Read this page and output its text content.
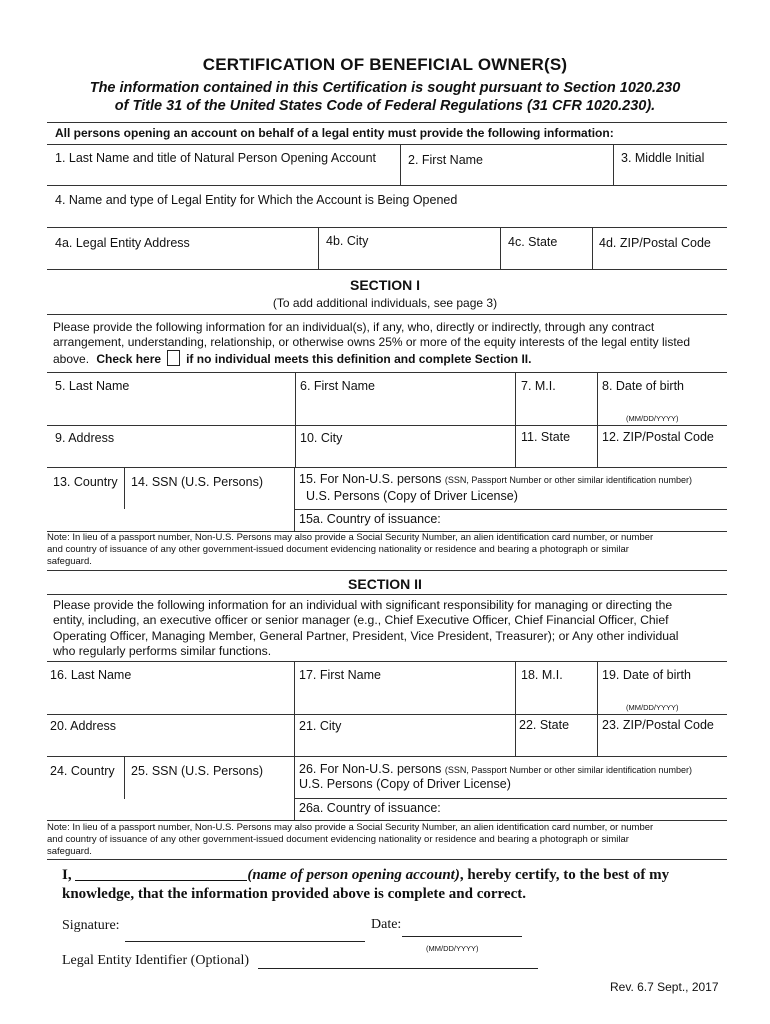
CERTIFICATION OF BENEFICIAL OWNER(S)
The information contained in this Certification is sought pursuant to Section 1020.230
of Title 31 of the United States Code of Federal Regulations (31 CFR 1020.230).
All persons opening an account on behalf of a legal entity must provide the following information:
1. Last Name and title of Natural Person Opening Account	2. First Name	3. Middle Initial
4. Name and type of Legal Entity for Which the Account is Being Opened
4a. Legal Entity Address	4b. City	4c. State	4d. ZIP/Postal Code
SECTION I
(To add additional individuals, see page 3)
Please provide the following information for an individual(s), if any, who, directly or indirectly, through any contract
arrangement, understanding, relationship, or otherwise owns 25% or more of the equity interests of the legal entity listed
above. Check here if no individual meets this definition and complete Section II.
5. Last Name	6. First Name	7. M.I.	8. Date of birth
(MM/DD/YYYY)
9. Address	10. City	11. State	12. ZIP/Postal Code
13. Country 14. SSN (U.S. Persons)	15. For Non-U.S. persons (SSN, Passport Number or other similar identification number)
U.S. Persons (Copy of Driver License)
15a. Country of issuance:
Note: In lieu of a passport number, Non-U.S. Persons may also provide a Social Security Number, an alien identification card number, or number
and country of issuance of any other government-issued document evidencing nationality or residence and bearing a photograph or similar
safeguard.
SECTION II
Please provide the following information for an individual with significant responsibility for managing or directing the
entity, including, an executive officer or senior manager (e.g., Chief Executive Officer, Chief Financial Officer, Chief
Operating Officer, Managing Member, General Partner, President, Vice President, Treasurer); or Any other individual
who regularly performs similar functions.
16. Last Name	17. First Name	18. M.I.	19. Date of birth
(MM/DD/YYYY)
20. Address	21. City	22. State	23. ZIP/Postal Code
24. Country 25. SSN (U.S. Persons)	26. For Non-U.S. persons (SSN, Passport Number or other similar identification number)
U.S. Persons (Copy of Driver License)
26a. Country of issuance:
Note: In lieu of a passport number, Non-U.S. Persons may also provide a Social Security Number, an alien identification card number, or number
and country of issuance of any other government-issued document evidencing nationality or residence and bearing a photograph or similar
safeguard.
I,	(name of person opening account), hereby certify, to the best of my
knowledge, that the information provided above is complete and correct.
Signature:	Date:
(MM/DD/YYYY)
Legal Entity Identifier (Optional)
Rev. 6.7 Sept., 2017
